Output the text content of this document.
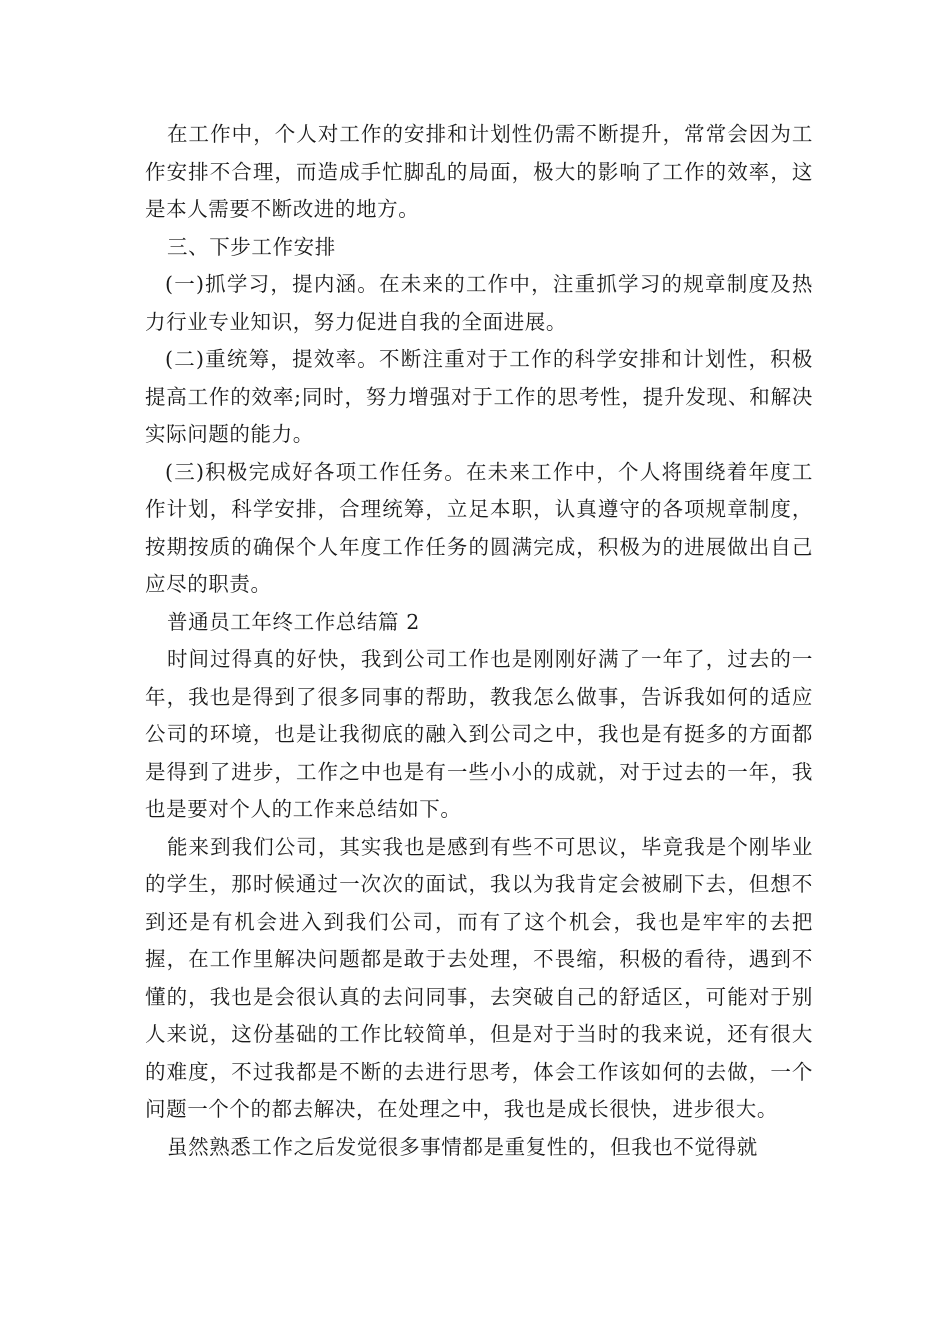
在工作中，个人对工作的安排和计划性仍需不断提升，常常会因为工作安排不合理，而造成手忙脚乱的局面，极大的影响了工作的效率，这是本人需要不断改进的地方。

三、下步工作安排

(一)抓学习，提内涵。在未来的工作中，注重抓学习的规章制度及热力行业专业知识，努力促进自我的全面进展。

(二)重统筹，提效率。不断注重对于工作的科学安排和计划性，积极提高工作的效率;同时，努力增强对于工作的思考性，提升发现、和解决实际问题的能力。

(三)积极完成好各项工作任务。在未来工作中，个人将围绕着年度工作计划，科学安排，合理统筹，立足本职，认真遵守的各项规章制度，按期按质的确保个人年度工作任务的圆满完成，积极为的进展做出自己应尽的职责。

普通员工年终工作总结篇 2

时间过得真的好快，我到公司工作也是刚刚好满了一年了，过去的一年，我也是得到了很多同事的帮助，教我怎么做事，告诉我如何的适应公司的环境，也是让我彻底的融入到公司之中，我也是有挺多的方面都是得到了进步，工作之中也是有一些小小的成就，对于过去的一年，我也是要对个人的工作来总结如下。

能来到我们公司，其实我也是感到有些不可思议，毕竟我是个刚毕业的学生，那时候通过一次次的面试，我以为我肯定会被刷下去，但想不到还是有机会进入到我们公司，而有了这个机会，我也是牢牢的去把握，在工作里解决问题都是敢于去处理，不畏缩，积极的看待，遇到不懂的，我也是会很认真的去问同事，去突破自己的舒适区，可能对于别人来说，这份基础的工作比较简单，但是对于当时的我来说，还有很大的难度，不过我都是不断的去进行思考，体会工作该如何的去做，一个问题一个个的都去解决，在处理之中，我也是成长很快，进步很大。

虽然熟悉工作之后发觉很多事情都是重复性的，但我也不觉得就
